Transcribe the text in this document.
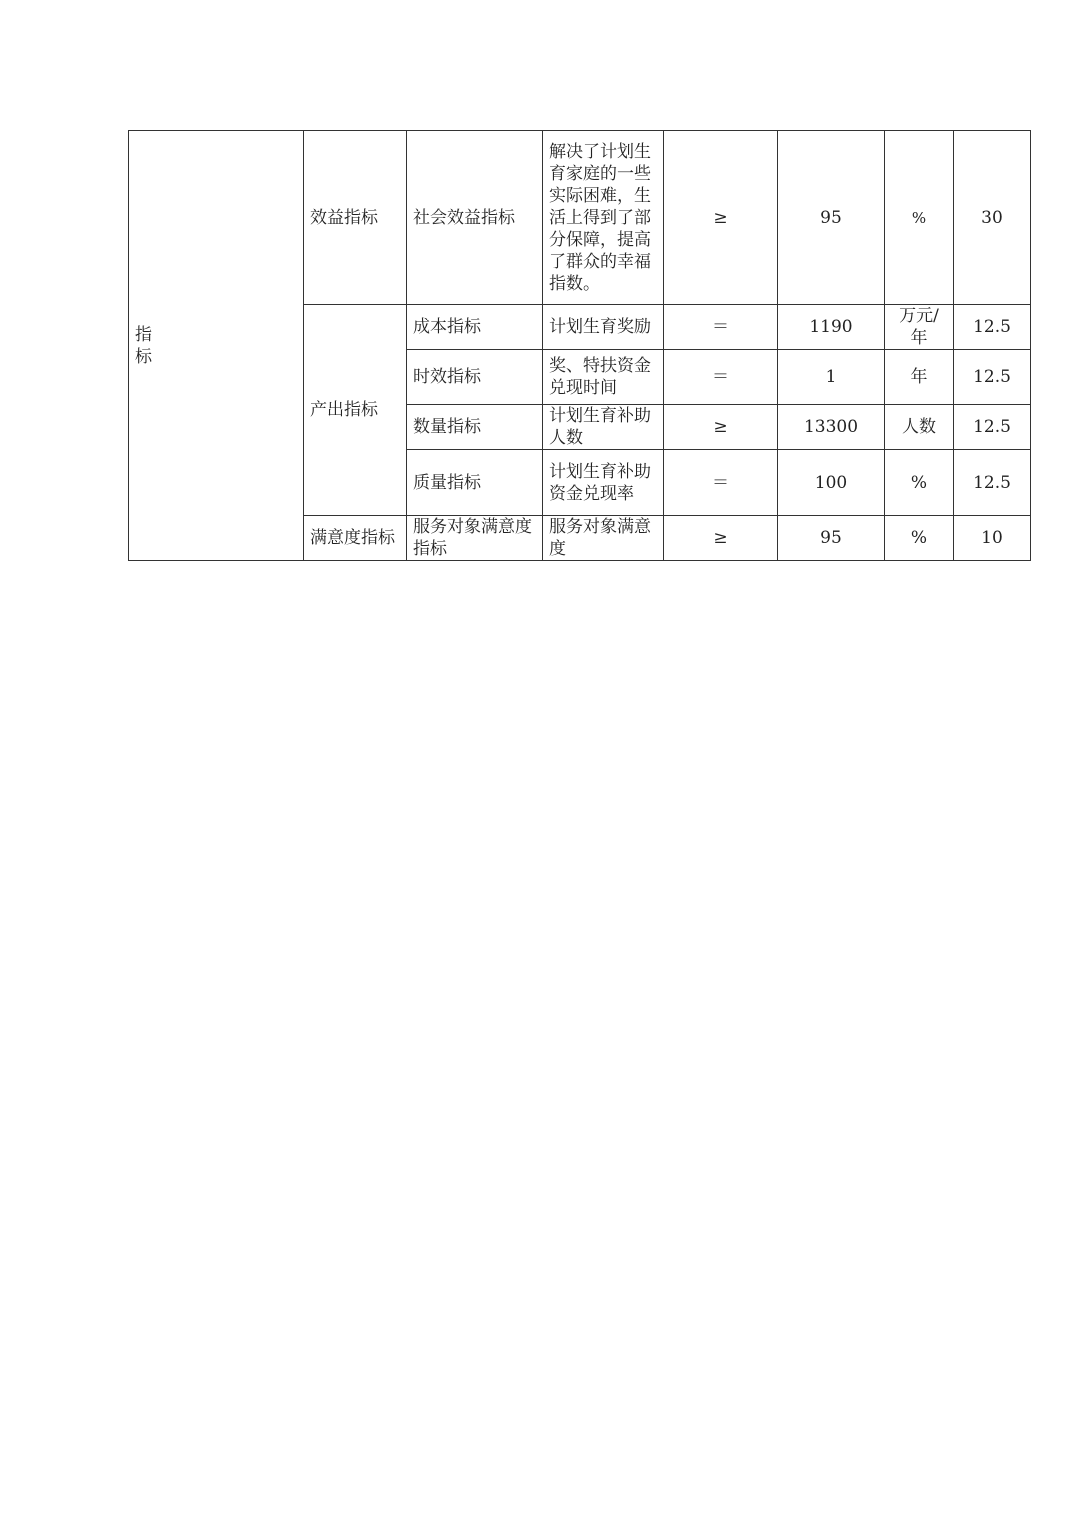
指标	效益指标	社会效益指标	解决了计划生育家庭的一些实际困难，生活上得到了部分保障，提高了群众的幸福指数。	≥	95	%	30
	产出指标	成本指标	计划生育奖励	＝	1190	万元/年	12.5
		时效指标	奖、特扶资金兑现时间	＝	1	年	12.5
		数量指标	计划生育补助人数	≥	13300	人数	12.5
		质量指标	计划生育补助资金兑现率	＝	100	%	12.5
	满意度指标	服务对象满意度指标	服务对象满意度	≥	95	%	10
